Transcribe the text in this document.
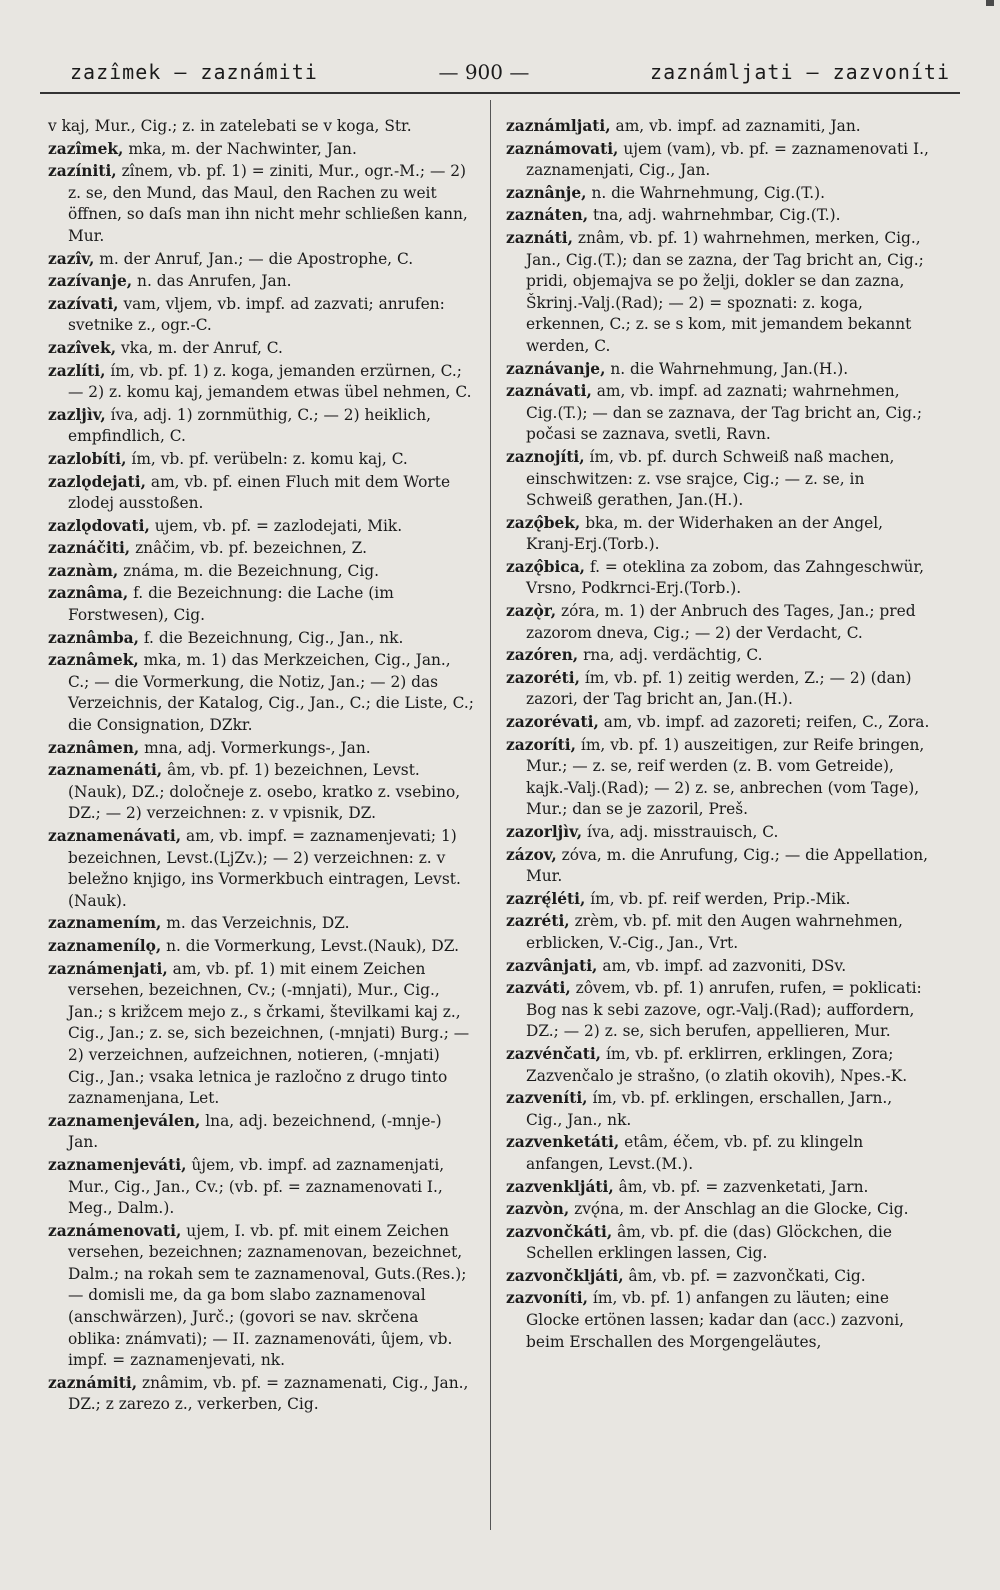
zazîmek — zaznámiti	— 900 —	zaznámljati — zazvoníti

v kaj, Mur., Cig.; z. in zatelebati se v koga, Str.

zazîmek, mka, m. der Nachwinter, Jan.

zazíniti, zînem, vb. pf. 1) = ziniti, Mur., ogr.-M.; — 2) z. se, den Mund, das Maul, den Rachen zu weit öffnen, so daſs man ihn nicht mehr schließen kann, Mur.

zazîv, m. der Anruf, Jan.; — die Apostrophe, C.

zazívanje, n. das Anrufen, Jan.

zazívati, vam, vljem, vb. impf. ad zazvati; anrufen: svetnike z., ogr.-C.

zazîvek, vka, m. der Anruf, C.

zazlíti, ím, vb. pf. 1) z. koga, jemanden erzürnen, C.; — 2) z. komu kaj, jemandem etwas übel nehmen, C.

zazljìv, íva, adj. 1) zornmüthig, C.; — 2) heiklich, empfindlich, C.

zazlobíti, ím, vb. pf. verübeln: z. komu kaj, C.

zazlǫdejati, am, vb. pf. einen Fluch mit dem Worte zlodej ausstoßen.

zazlǫdovati, ujem, vb. pf. = zazlodejati, Mik.

zaznáčiti, znâčim, vb. pf. bezeichnen, Z.

zaznàm, známa, m. die Bezeichnung, Cig.

zaznâma, f. die Bezeichnung: die Lache (im Forstwesen), Cig.

zaznâmba, f. die Bezeichnung, Cig., Jan., nk.

zaznâmek, mka, m. 1) das Merkzeichen, Cig., Jan., C.; — die Vormerkung, die Notiz, Jan.; — 2) das Verzeichnis, der Katalog, Cig., Jan., C.; die Liste, C.; die Consignation, DZkr.

zaznâmen, mna, adj. Vormerkungs-, Jan.

zaznamenáti, âm, vb. pf. 1) bezeichnen, Levst. (Nauk), DZ.; določneje z. osebo, kratko z. vsebino, DZ.; — 2) verzeichnen: z. v vpisnik, DZ.

zaznamenávati, am, vb. impf. = zaznamenjevati; 1) bezeichnen, Levst.(LjZv.); — 2) verzeichnen: z. v beležno knjigo, ins Vormerkbuch eintragen, Levst.(Nauk).

zaznamením, m. das Verzeichnis, DZ.

zaznamenílǫ, n. die Vormerkung, Levst.(Nauk), DZ.

zaznámenjati, am, vb. pf. 1) mit einem Zeichen versehen, bezeichnen, Cv.; (-mnjati), Mur., Cig., Jan.; s križcem mejo z., s črkami, številkami kaj z., Cig., Jan.; z. se, sich bezeichnen, (-mnjati) Burg.; — 2) verzeichnen, aufzeichnen, notieren, (-mnjati) Cig., Jan.; vsaka letnica je razločno z drugo tinto zaznamenjana, Let.

zaznamenjeválen, lna, adj. bezeichnend, (-mnje-) Jan.

zaznamenjeváti, ûjem, vb. impf. ad zaznamenjati, Mur., Cig., Jan., Cv.; (vb. pf. = zaznamenovati I., Meg., Dalm.).

zaznámenovati, ujem, I. vb. pf. mit einem Zeichen versehen, bezeichnen; zaznamenovan, bezeichnet, Dalm.; na rokah sem te zaznamenoval, Guts.(Res.); — domisli me, da ga bom slabo zaznamenoval (anschwärzen), Jurč.; (govori se nav. skrčena oblika: známvati); — II. zaznamenováti, ûjem, vb. impf. = zaznamenjevati, nk.

zaznámiti, znâmim, vb. pf. = zaznamenati, Cig., Jan., DZ.; z zarezo z., verkerben, Cig.

zaznámljati, am, vb. impf. ad zaznamiti, Jan.

zaznámovati, ujem (vam), vb. pf. = zaznamenovati I., zaznamenjati, Cig., Jan.

zaznânje, n. die Wahrnehmung, Cig.(T.).

zaznáten, tna, adj. wahrnehmbar, Cig.(T.).

zaznáti, znâm, vb. pf. 1) wahrnehmen, merken, Cig., Jan., Cig.(T.); dan se zazna, der Tag bricht an, Cig.; pridi, objemajva se po želji, dokler se dan zazna, Škrinj.-Valj.(Rad); — 2) = spoznati: z. koga, erkennen, C.; z. se s kom, mit jemandem bekannt werden, C.

zaznávanje, n. die Wahrnehmung, Jan.(H.).

zaznávati, am, vb. impf. ad zaznati; wahrnehmen, Cig.(T.); — dan se zaznava, der Tag bricht an, Cig.; počasi se zaznava, svetli, Ravn.

zaznojíti, ím, vb. pf. durch Schweiß naß machen, einschwitzen: z. vse srajce, Cig.; — z. se, in Schweiß gerathen, Jan.(H.).

zazǫ̂bek, bka, m. der Widerhaken an der Angel, Kranj-Erj.(Torb.).

zazǫ̂bica, f. = oteklina za zobom, das Zahngeschwür, Vrsno, Podkrnci-Erj.(Torb.).

zazǫ̀r, zóra, m. 1) der Anbruch des Tages, Jan.; pred zazorom dneva, Cig.; — 2) der Verdacht, C.

zazóren, rna, adj. verdächtig, C.

zazoréti, ím, vb. pf. 1) zeitig werden, Z.; — 2) (dan) zazori, der Tag bricht an, Jan.(H.).

zazorévati, am, vb. impf. ad zazoreti; reifen, C., Zora.

zazoríti, ím, vb. pf. 1) auszeitigen, zur Reife bringen, Mur.; — z. se, reif werden (z. B. vom Getreide), kajk.-Valj.(Rad); — 2) z. se, anbrechen (vom Tage), Mur.; dan se je zazoril, Preš.

zazorljìv, íva, adj. misstrauisch, C.

zázov, zóva, m. die Anrufung, Cig.; — die Appellation, Mur.

zazrę́léti, ím, vb. pf. reif werden, Prip.-Mik.

zazréti, zrèm, vb. pf. mit den Augen wahrnehmen, erblicken, V.-Cig., Jan., Vrt.

zazvânjati, am, vb. impf. ad zazvoniti, DSv.

zazváti, zôvem, vb. pf. 1) anrufen, rufen, = poklicati: Bog nas k sebi zazove, ogr.-Valj.(Rad); auffordern, DZ.; — 2) z. se, sich berufen, appellieren, Mur.

zazvénčati, ím, vb. pf. erklirren, erklingen, Zora; Zazvenčalo je strašno, (o zlatih okovih), Npes.-K.

zazveníti, ím, vb. pf. erklingen, erschallen, Jarn., Cig., Jan., nk.

zazvenketáti, etâm, éčem, vb. pf. zu klingeln anfangen, Levst.(M.).

zazvenkljáti, âm, vb. pf. = zazvenketati, Jarn.

zazvòn, zvǫ́na, m. der Anschlag an die Glocke, Cig.

zazvončkáti, âm, vb. pf. die (das) Glöckchen, die Schellen erklingen lassen, Cig.

zazvončkljáti, âm, vb. pf. = zazvončkati, Cig.

zazvoníti, ím, vb. pf. 1) anfangen zu läuten; eine Glocke ertönen lassen; kadar dan (acc.) zazvoni, beim Erschallen des Morgengeläutes,
